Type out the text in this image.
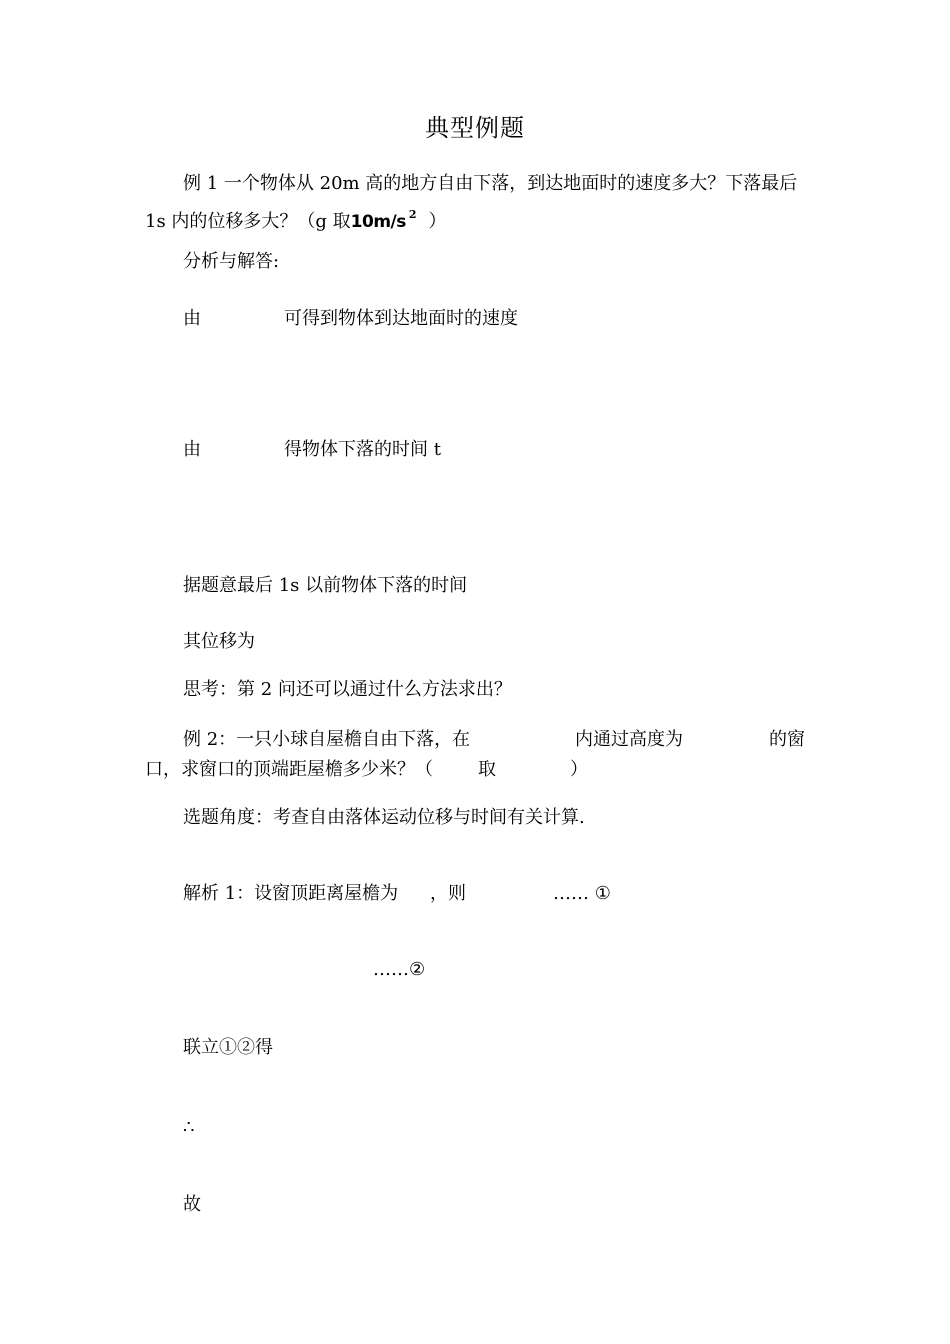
典型例题
例 1 一个物体从 20m 高的地方自由下落，到达地面时的速度多大？下落最后
1s 内的位移多大？（g 取10m/s $^2$ ）
分析与解答:
由	可得到物体到达地面时的速度
由	得物体下落的时间 t
据题意最后 1s 以前物体下落的时间
其位移为
思考：第 2 问还可以通过什么方法求出？
例 2：一只小球自屋檐自由下落，在	内通过高度为	的窗
口，求窗口的顶端距屋檐多少米？（	取	）
选题角度：考查自由落体运动位移与时间有关计算.
解析 1：设窗顶距离屋檐为 ，则	…… ①
……②
联立①②得
∴
故
